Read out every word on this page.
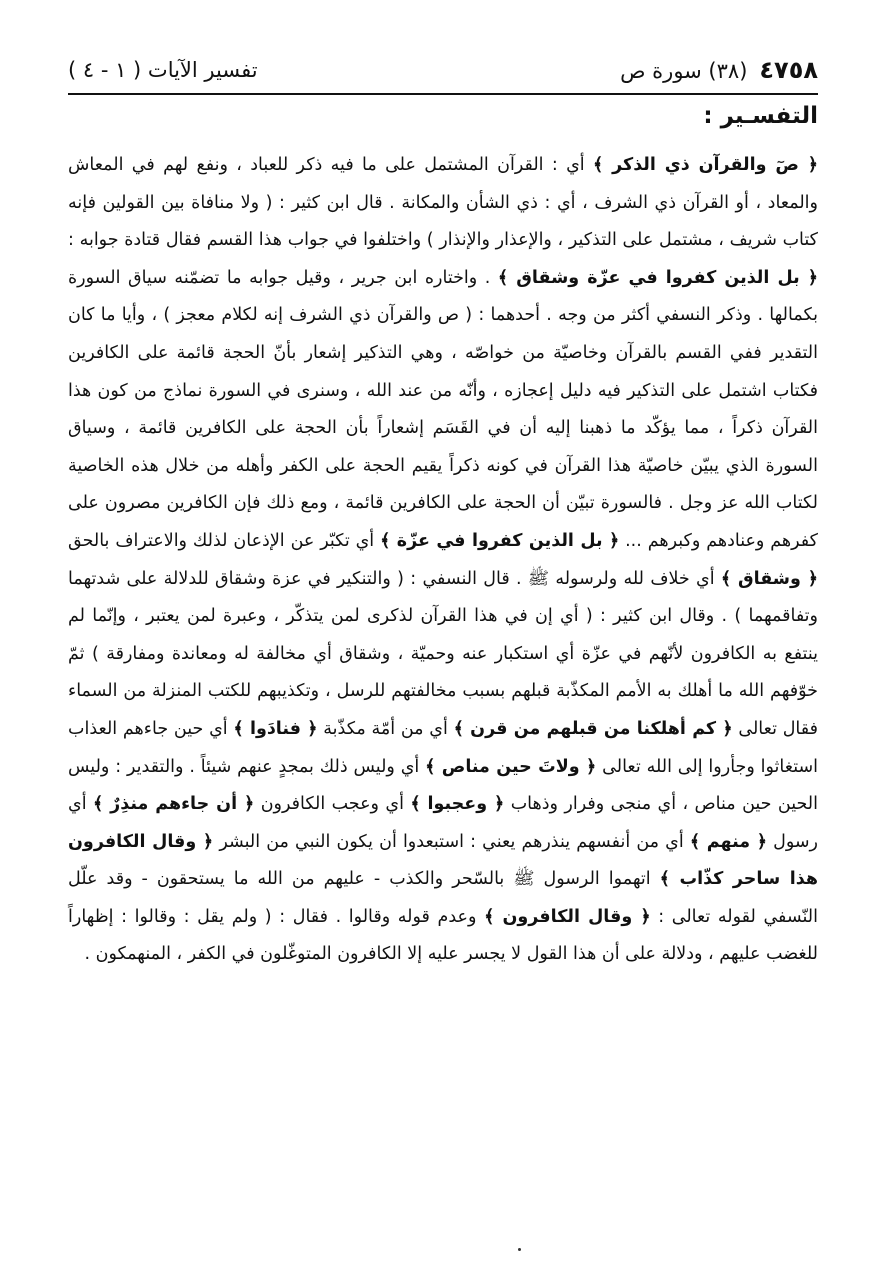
٤٧٥٨
(٣٨) سورة ص
تفسير الآيات ( ١ - ٤ )
التفسـير :

﴿ صٓ والقرآن ذي الذكر ﴾ أي : القرآن المشتمل على ما فيه ذكر للعباد ، ونفع لهم في المعاش والمعاد ، أو القرآن ذي الشرف ، أي : ذي الشأن والمكانة . قال ابن كثير : ( ولا منافاة بين القولين فإنه كتاب شريف ، مشتمل على التذكير ، والإعذار والإنذار ) واختلفوا في جواب هذا القسم فقال قتادة جوابه : ﴿ بل الذين كفروا في عزّة وشقاق ﴾ . واختاره ابن جرير ، وقيل جوابه ما تضمّنه سياق السورة بكمالها . وذكر النسفي أكثر من وجه . أحدهما : ( ص والقرآن ذي الشرف إنه لكلام معجز ) ، وأيا ما كان التقدير ففي القسم بالقرآن وخاصيّة من خواصّه ، وهي التذكير إشعار بأنّ الحجة قائمة على الكافرين فكتاب اشتمل على التذكير فيه دليل إعجازه ، وأنّه من عند الله ، وسنرى في السورة نماذج من كون هذا القرآن ذكراً ، مما يؤكّد ما ذهبنا إليه أن في القَسَم إشعاراً بأن الحجة على الكافرين قائمة ، وسياق السورة الذي يبيّن خاصيّة هذا القرآن في كونه ذكراً يقيم الحجة على الكفر وأهله من خلال هذه الخاصية لكتاب الله عز وجل . فالسورة تبيّن أن الحجة على الكافرين قائمة ، ومع ذلك فإن الكافرين مصرون على كفرهم وعنادهم وكبرهم ... ﴿ بل الذين كفروا في عزّة ﴾ أي تكبّر عن الإذعان لذلك والاعتراف بالحق ﴿ وشقاق ﴾ أي خلاف لله ولرسوله ﷺ . قال النسفي : ( والتنكير في عزة وشقاق للدلالة على شدتهما وتفاقمهما ) . وقال ابن كثير : ( أي إن في هذا القرآن لذكرى لمن يتذكّر ، وعبرة لمن يعتبر ، وإنّما لم ينتفع به الكافرون لأنّهم في عزّة أي استكبار عنه وحميّة ، وشقاق أي مخالفة له ومعاندة ومفارقة ) ثمّ خوّفهم الله ما أهلك به الأمم المكذّبة قبلهم بسبب مخالفتهم للرسل ، وتكذيبهم للكتب المنزلة من السماء فقال تعالى ﴿ كم أهلكنا من قبلهم من قرن ﴾ أي من أمّة مكذّبة ﴿ فنادَوا ﴾ أي حين جاءهم العذاب استغاثوا وجأروا إلى الله تعالى ﴿ ولاتَ حين مناص ﴾ أي وليس ذلك بمجدٍ عنهم شيئاً . والتقدير : وليس الحين حين مناص ، أي منجى وفرار وذهاب ﴿ وعجبوا ﴾ أي وعجب الكافرون ﴿ أن جاءهم منذِرٌ ﴾ أي رسول ﴿ منهم ﴾ أي من أنفسهم ينذرهم يعني : استبعدوا أن يكون النبي من البشر ﴿ وقال الكافرون هذا ساحر كذّاب ﴾ اتهموا الرسول ﷺ بالسّحر والكذب - عليهم من الله ما يستحقون - وقد علّل النّسفي لقوله تعالى : ﴿ وقال الكافرون ﴾ وعدم قوله وقالوا . فقال : ( ولم يقل : وقالوا : إظهاراً للغضب عليهم ، ودلالة على أن هذا القول لا يجسر عليه إلا الكافرون المتوغّلون في الكفر ، المنهمكون .
